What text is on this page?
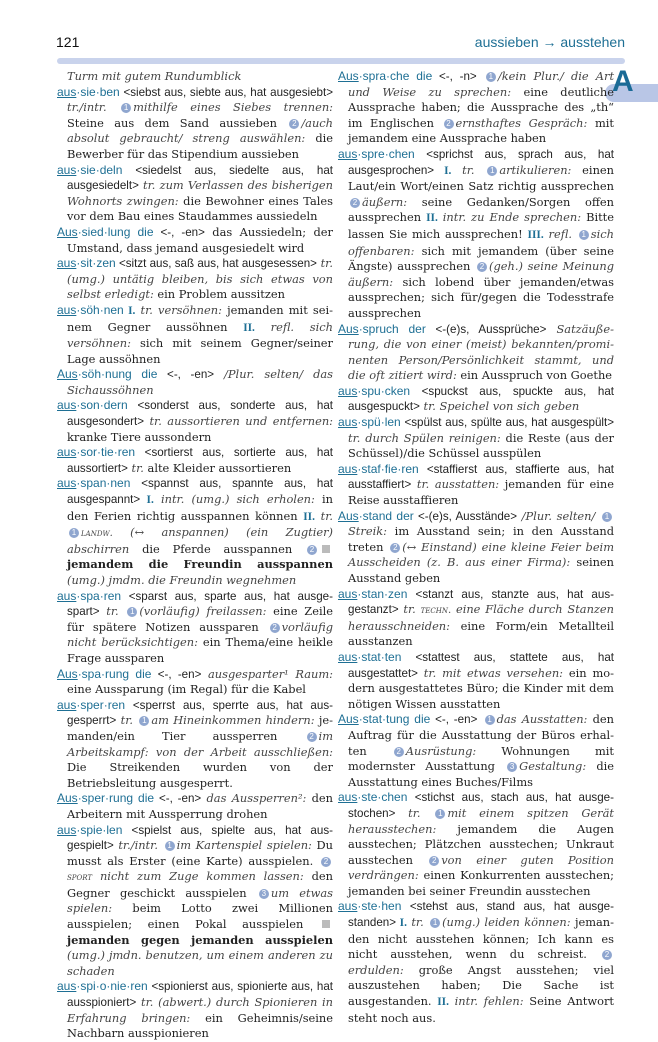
121	aussieben → ausstehen
A

Turm mit gutem Rundumblick

aus·sie·ben <siebst aus, siebte aus, hat ausgesiebt> tr./intr. 1 mithilfe eines Siebes trennen: Steine aus dem Sand aussieben 2 /auch absolut gebraucht/ streng auswählen: die Bewerber für das Stipendium aussieben

aus·sie·deln <siedelst aus, siedelte aus, hat ausgesiedelt> tr. zum Verlassen des bisherigen Wohnorts zwingen: die Bewohner eines Tales vor dem Bau eines Staudammes aussiedeln

Aus·sied·lung die <-, -en> das Aussiedeln; der Umstand, dass jemand ausgesiedelt wird

aus·sit·zen <sitzt aus, saß aus, hat ausgesessen> tr. (umg.) untätig bleiben, bis sich etwas von selbst erledigt: ein Problem aussitzen

aus·söh·nen I. tr. versöhnen: jemanden mit seinem Gegner aussöhnen II. refl. sich versöhnen: sich mit seinem Gegner/seiner Lage aussöhnen

Aus·söh·nung die <-, -en> /Plur. selten/ das Sichaussöhnen

aus·son·dern <sonderst aus, sonderte aus, hat ausgesondert> tr. aussortieren und entfernen: kranke Tiere aussondern

aus·sor·tie·ren <sortierst aus, sortierte aus, hat aussortiert> tr. alte Kleider aussortieren

aus·span·nen <spannst aus, spannte aus, hat ausgespannt> I. intr. (umg.) sich erholen: in den Ferien richtig ausspannen können II. tr. 1 landw. (↔ anspannen) (ein Zugtier) abschirren die Pferde ausspannen 2jemandem die Freundin ausspannen (umg.) jmdm. die Freundin wegnehmen

aus·spa·ren <sparst aus, sparte aus, hat ausgespart> tr. 1 (vorläufig) freilassen: eine Zeile für spätere Notizen aussparen 2 vorläufig nicht berücksichtigen: ein Thema/eine heikle Frage aussparen

Aus·spa·rung die <-, -en> ausgesparter¹ Raum: eine Aussparung (im Regal) für die Kabel

aus·sper·ren <sperrst aus, sperrte aus, hat ausgesperrt> tr. 1 am Hineinkommen hindern: jemanden/ein Tier aussperren 2 im Arbeitskampf: von der Arbeit ausschließen: Die Streikenden wurden von der Betriebsleitung ausgesperrt.

Aus·sper·rung die <-, -en> das Aussperren²: den Arbeitern mit Aussperrung drohen

aus·spie·len <spielst aus, spielte aus, hat ausgespielt> tr./intr. 1 im Kartenspiel spielen: Du musst als Erster (eine Karte) ausspielen. 2sport nicht zum Zuge kommen lassen: den Gegner geschickt ausspielen 3 um etwas spielen: beim Lotto zwei Millionen ausspielen; einen Pokal ausspielen jemanden gegen jemanden ausspielen (umg.) jmdn. benutzen, um einem anderen zu schaden

aus·spi·o·nie·ren <spionierst aus, spionierte aus, hat ausspioniert> tr. (abwert.) durch Spionieren in Erfahrung bringen: ein Geheimnis/seine Nachbarn ausspionieren

Aus·spra·che die <-, -n> 1 /kein Plur./ die Art und Weise zu sprechen: eine deutliche Aussprache haben; die Aussprache des „th“ im Englischen 2 ernsthaftes Gespräch: mit jemandem eine Aussprache haben

aus·spre·chen <sprichst aus, sprach aus, hat ausgesprochen> I. tr. 1 artikulieren: einen Laut/ein Wort/einen Satz richtig aussprechen 2 äußern: seine Gedanken/Sorgen offen aussprechen II. intr. zu Ende sprechen: Bitte lassen Sie mich aussprechen! III. refl. 1 sich offenbaren: sich mit jemandem (über seine Ängste) aussprechen 2 (geh.) seine Meinung äußern: sich lobend über jemanden/etwas aussprechen; sich für/gegen die Todesstrafe aussprechen

Aus·spruch der <-(e)s, Aussprüche> Satzäußerung, die von einer (meist) bekannten/prominenten Person/Persönlichkeit stammt, und die oft zitiert wird: ein Ausspruch von Goethe

aus·spu·cken <spuckst aus, spuckte aus, hat ausgespuckt> tr. Speichel von sich geben

aus·spü·len <spülst aus, spülte aus, hat ausgespült> tr. durch Spülen reinigen: die Reste (aus der Schüssel)/die Schüssel ausspülen

aus·staf·fie·ren <staffierst aus, staffierte aus, hat ausstaffiert> tr. ausstatten: jemanden für eine Reise ausstaffieren

Aus·stand der <-(e)s, Ausstände> /Plur. selten/ 1Streik: im Ausstand sein; in den Ausstand treten 2 (↔ Einstand) eine kleine Feier beim Ausscheiden (z. B. aus einer Firma): seinen Ausstand geben

aus·stan·zen <stanzt aus, stanzte aus, hat ausgestanzt> tr. techn. eine Fläche durch Stanzen herausschneiden: eine Form/ein Metallteil ausstanzen

aus·stat·ten <stattest aus, stattete aus, hat ausgestattet> tr. mit etwas versehen: ein modern ausgestattetes Büro; die Kinder mit dem nötigen Wissen ausstatten

Aus·stat·tung die <-, -en> 1 das Ausstatten: den Auftrag für die Ausstattung der Büros erhalten 2 Ausrüstung: Wohnungen mit modernster Ausstattung 3 Gestaltung: die Ausstattung eines Buches/Films

aus·ste·chen <stichst aus, stach aus, hat ausgestochen> tr. 1 mit einem spitzen Gerät herausstechen: jemandem die Augen ausstechen; Plätzchen ausstechen; Unkraut ausstechen 2 von einer guten Position verdrängen: einen Konkurrenten ausstechen; jemanden bei seiner Freundin ausstechen

aus·ste·hen <stehst aus, stand aus, hat ausgestanden> I. tr. 1 (umg.) leiden können: jemanden nicht ausstehen können; Ich kann es nicht ausstehen, wenn du schreist. 2erdulden: große Angst ausstehen; viel auszustehen haben; Die Sache ist ausgestanden. II. intr. fehlen: Seine Antwort steht noch aus.
